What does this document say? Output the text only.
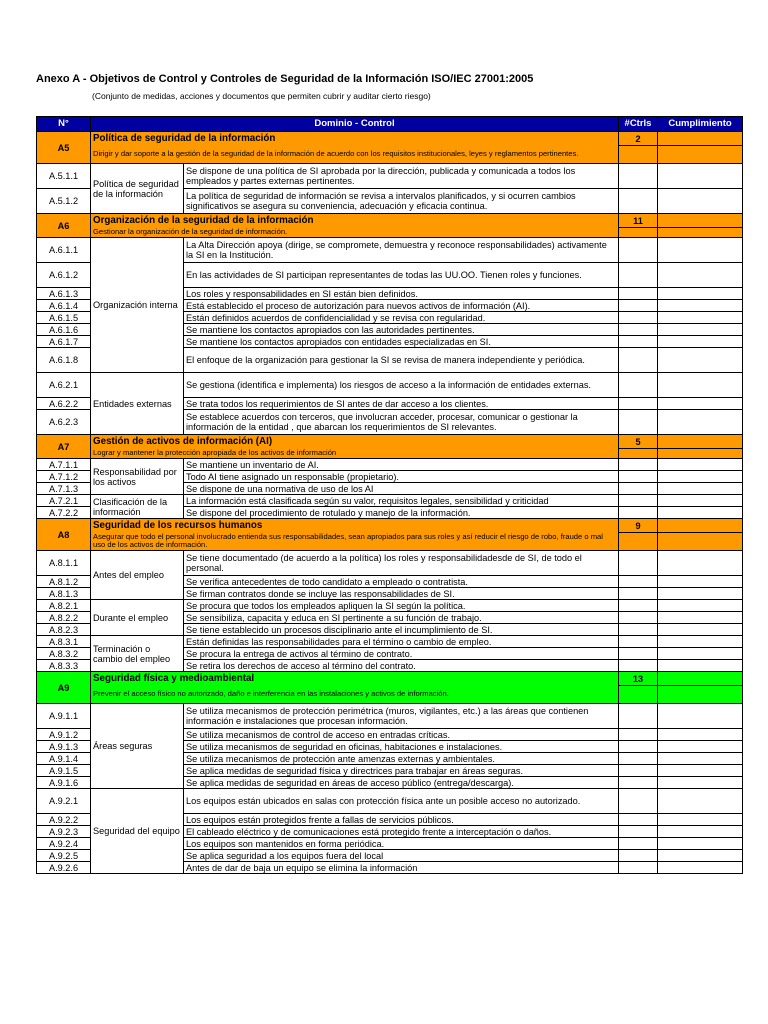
Anexo A - Objetivos de Control y Controles de Seguridad de la Información ISO/IEC 27001:2005
(Conjunto de medidas, acciones y documentos que permiten cubrir y auditar cierto riesgo)
N°	Dominio - Control		#Ctrls	Cumplimiento
A5	Política de seguridad de la información		2	
	Dirigir y dar soporte a la gestión de la seguridad de la información de acuerdo con los requisitos institucionales, leyes y reglamentos pertinentes.			
A.5.1.1	Política de seguridad de la información	Se dispone de una política de SI aprobada por la dirección, publicada y comunicada a todos los empleados y partes externas pertinentes.		
A.5.1.2		La política de seguridad de información se revisa a intervalos planificados, y si ocurren cambios significativos se asegura su conveniencia, adecuación y eficacia continua.		
A6	Organización de la seguridad de la información		11	
	Gestionar la organización de la seguridad de información.			
A.6.1.1	Organización interna	La Alta Dirección apoya (dirige, se compromete, demuestra y reconoce responsabilidades) activamente la SI en la Institución.		
A.6.1.2		En las actividades de SI participan representantes de todas las UU.OO. Tienen roles y funciones.		
A.6.1.3		Los roles y responsabilidades en SI están bien definidos.		
A.6.1.4		Está establecido el proceso de autorización para nuevos activos de información (AI).		
A.6.1.5		Están definidos acuerdos de confidencialidad y se revisa con regularidad.		
A.6.1.6		Se mantiene los contactos apropiados con las autoridades pertinentes.		
A.6.1.7		Se mantiene los contactos apropiados con entidades especializadas en SI.		
A.6.1.8		El enfoque de la organización para gestionar la SI se revisa de manera independiente y periódica.		
A.6.2.1	Entidades externas	Se gestiona (identifica e implementa) los riesgos de acceso a la información de entidades externas.		
A.6.2.2		Se trata todos los requerimientos de SI antes de dar acceso a los clientes.		
A.6.2.3		Se establece acuerdos con terceros, que involucran acceder, procesar, comunicar o gestionar la información de la entidad , que abarcan los requerimientos de SI relevantes.		
A7	Gestión de activos de información (AI)		5	
	Lograr y mantener la protección apropiada de los activos de información			
A.7.1.1	Responsabilidad por los activos	Se mantiene un inventario de AI.		
A.7.1.2		Todo AI tiene asignado un responsable (propietario).		
A.7.1.3		Se dispone de una normativa de uso de los AI		
A.7.2.1	Clasificación de la información	La información está clasificada según su valor, requisitos legales, sensibilidad y criticidad		
A.7.2.2		Se dispone del procedimiento de rotulado y manejo de la información.		
A8	Seguridad de los recursos humanos		9	
	Asegurar que todo el personal involucrado entienda sus responsabilidades, sean apropiados para sus roles y así reducir el riesgo de robo, fraude o mal uso de los activos de información.			
A.8.1.1	Antes del empleo	Se tiene documentado (de acuerdo a la política) los roles y responsabilidadesde de SI, de todo el personal.		
A.8.1.2		Se verifica antecedentes de todo candidato a empleado o contratista.		
A.8.1.3		Se firman contratos donde se incluye las responsabilidades de SI.		
A.8.2.1	Durante el empleo	Se procura que todos los empleados apliquen la SI según la política.		
A.8.2.2		Se sensibiliza, capacita y educa en SI pertinente a su función de trabajo.		
A.8.2.3		Se tiene establecido un procesos disciplinario ante el incumplimiento de SI.		
A.8.3.1	Terminación o cambio del empleo	Están definidas las responsabilidades para el término o cambio de empleo.		
A.8.3.2		Se procura la entrega de activos al término de contrato.		
A.8.3.3		Se retira los derechos de acceso al término del contrato.		
A9	Seguridad física y medioambiental		13	
	Prevenir el acceso físico no autorizado, daño e interferencia en las instalaciones y activos de información.			
A.9.1.1	Áreas seguras	Se utiliza mecanismos de protección perimétrica (muros, vigilantes, etc.) a las áreas que contienen información e instalaciones que procesan información.		
A.9.1.2		Se utiliza mecanismos de control de acceso en entradas críticas.		
A.9.1.3		Se utiliza mecanismos de seguridad en oficinas, habitaciones e instalaciones.		
A.9.1.4		Se utiliza mecanismos de protección ante amenzas externas y ambientales.		
A.9.1.5		Se aplica medidas de seguridad física y directrices para trabajar en áreas seguras.		
A.9.1.6		Se aplica medidas de seguridad en áreas de acceso público (entrega/descarga).		
A.9.2.1	Seguridad del equipo	Los equipos están ubicados en salas con protección física ante un posible acceso no autorizado.		
A.9.2.2		Los equipos están protegidos frente a fallas de servicios públicos.		
A.9.2.3		El cableado eléctrico y de comunicaciones está protegido frente a interceptación o daños.		
A.9.2.4		Los equipos son mantenidos en forma periódica.		
A.9.2.5		Se aplica seguridad a los equipos fuera del local		
A.9.2.6		Antes de dar de baja un equipo se elimina la información		
